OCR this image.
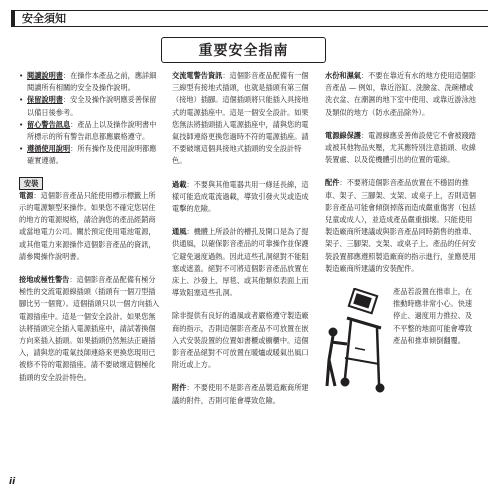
安全須知
重要安全指南
• 閱讀說明書：在操作本產品之前，應詳細閱讀所有相關的安全及操作說明。
• 保留說明書：安全及操作說明應妥善保留以備日後參考。
• 留心警告訊息：產品上以及操作說明書中所標示的所有警告訊息都應嚴格遵守。
• 遵循使用說明：所有操作及使用說明都應確實遵循。
安裝

電源：這個影音產品只能使用標示標籤上所示的電源類型來操作。如果您不確定您居住的地方的電源規格，請洽詢您的產品經銷商或當地電力公司。關於預定使用電池電源，或其他電力來源操作這個影音產品的資訊，請參閱操作說明書。

接地或極性警告：這個影音產品配備有極分極性的交流電源線插頭（插頭有一個刀型插腳比另一個寬）。這個插頭只以一個方向插入電源插座中。這是一個安全設計。如果您無法將插頭完全插入電源插座中，請試著換個方向來插入插頭。如果插頭仍然無法正確插入，請與您的電氣技師連絡來更換您現用已被修不符的電源插座。請不要破壞這個極化插頭的安全設計特色。

交流電警告資訊：這個影音產品配備有一個三線型有接地式插頭，也就是插頭有第三個（接地）插腳。這個插頭將只能插入具接地式的電源插座中。這是一個安全設計。如果您無法將插頭插入電源插座中，請與您的電氣技師連絡更換您過時不符的電源插座。請不要破壞這個具接地式插頭的安全設計特色。

過載：不要與其他電器共用一條延長線，這樣可能造成電流過載，導致引發火災或造成電擊的危險。

通風：機體上所設計的槽孔及開口是為了提供通風，以確保影音產品的可靠操作並保護它避免過度過熱。因此這些孔洞絕對不能阻塞或遮蓋。絕對不可將這個影音產品放置在床上、沙發上、厚毯、或其他類似表面上而導致阻塞這些孔洞。

除非提供有良好的通風或者嚴格遵守製造廠商的指示，否則這個影音產品不可放置在嵌入式安裝設置的位置如書櫃或櫥櫃中。這個影音產品絕對不可放置在暖爐或暖氣出風口附近或上方。

附件：不要使用不是影音產品製造廠商所建議的附件，否則可能會導致危險。

水份和濕氣：不要在靠近有水的地方使用這個影音產品 — 例如，靠近浴缸、洗臉盆、洗碗槽或洗衣盆、在潮濕的地下室中使用、或靠近游泳池及類似的地方（防水產品除外）。

電源線保護：電源線應妥善佈設使它不會被踐踏或被其他物品夾壓，尤其應特別注意插頭、收線裝置處、以及從機體引出的位置的電線。

配件：不要將這個影音產品放置在不穩固的推車、架子、三腳架、支架、或桌子上，否則這個影音產品可能會傾倒掉落而造成嚴重傷害（包括兒童或成人），並造成產品嚴重損壞。只能使用製造廠商所建議或與影音產品同時銷售的推車、架子、三腳架、支架、或桌子上。產品的任何安裝設置都應遵照製造廠商的指示進行，並應使用製造廠商所建議的安裝配件。

產品若設置在推車上，在推動時應非常小心。快速停止、過度用力推拉、及不平整的地面可能會導致產品和推車傾倒翻覆。
ii
